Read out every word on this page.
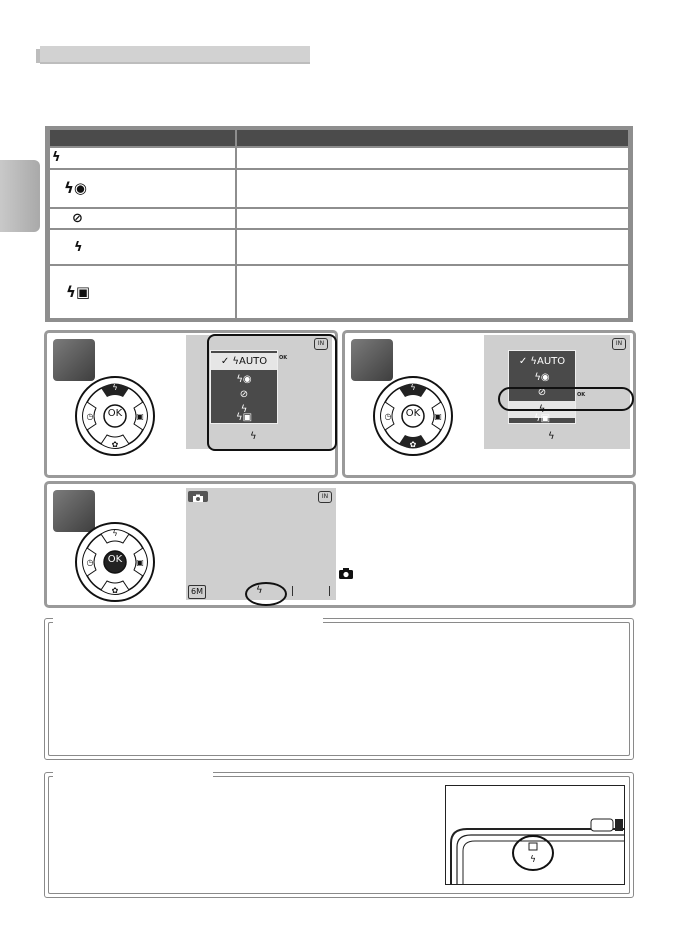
ϟ
ϟ◉
⊘
ϟ
ϟ▣
ϟ
▣
◷
✿
OK
IN
✓ ϟAUTO
ϟ◉
⊘
ϟ
ϟ▣
OK
ϟ
ϟ
▣
◷
✿
OK
IN
✓ ϟAUTO
ϟ◉
⊘
ϟ
ϟ▣
OK
ϟ
ϟ
▣
◷
✿
OK
IN
6M	ϟ
ϟ
